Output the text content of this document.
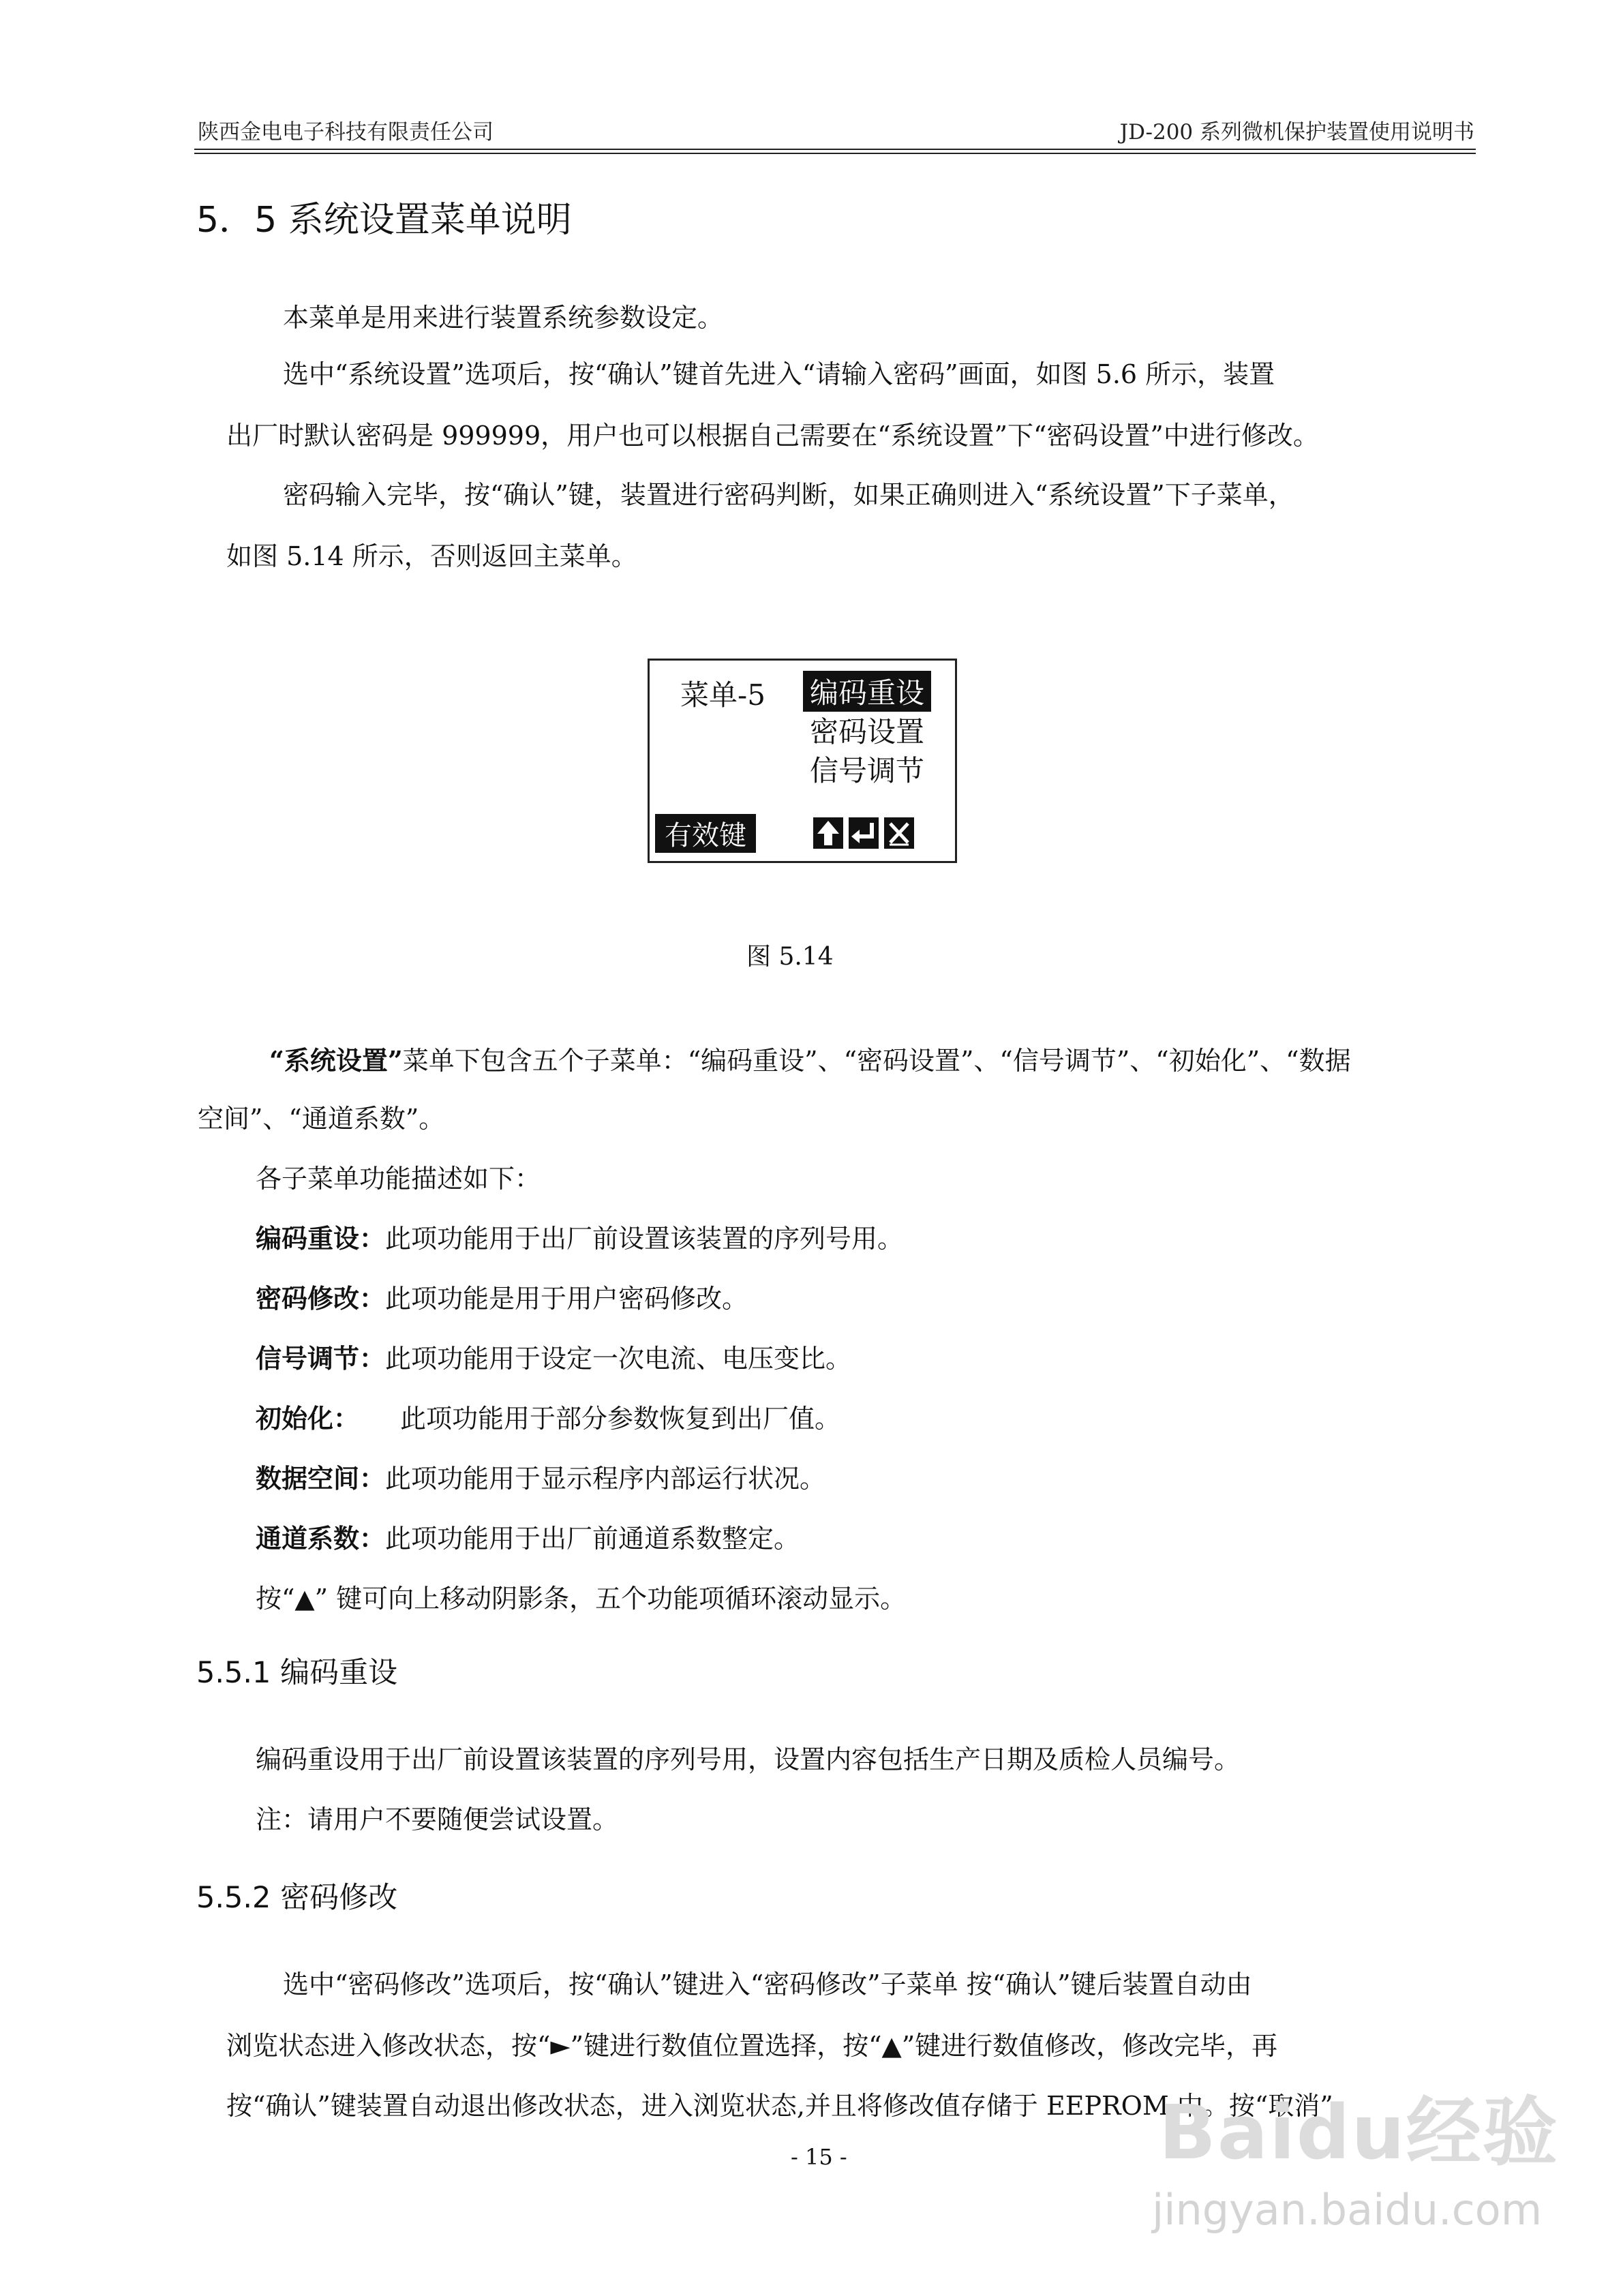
陕西金电电子科技有限责任公司	JD-200 系列微机保护装置使用说明书
5．5 系统设置菜单说明
本菜单是用来进行装置系统参数设定。
选中“系统设置”选项后，按“确认”键首先进入“请输入密码”画面，如图 5.6 所示，装置
出厂时默认密码是 999999，用户也可以根据自己需要在“系统设置”下“密码设置”中进行修改。
密码输入完毕，按“确认”键，装置进行密码判断，如果正确则进入“系统设置”下子菜单，
如图 5.14 所示，否则返回主菜单。
菜单-5 编码重设
密码设置
信号调节
有效键
图 5.14
“系统设置”菜单下包含五个子菜单：“编码重设”、“密码设置”、“信号调节”、“初始化”、“数据
空间”、“通道系数”。
各子菜单功能描述如下：
编码重设：此项功能用于出厂前设置该装置的序列号用。
密码修改：此项功能是用于用户密码修改。
信号调节：此项功能用于设定一次电流、电压变比。
初始化： 此项功能用于部分参数恢复到出厂值。
数据空间：此项功能用于显示程序内部运行状况。
通道系数：此项功能用于出厂前通道系数整定。
按“▲” 键可向上移动阴影条，五个功能项循环滚动显示。
5.5.1 编码重设
编码重设用于出厂前设置该装置的序列号用，设置内容包括生产日期及质检人员编号。
注：请用户不要随便尝试设置。
5.5.2 密码修改
选中“密码修改”选项后，按“确认”键进入“密码修改”子菜单 按“确认”键后装置自动由
浏览状态进入修改状态，按“►”键进行数值位置选择，按“▲”键进行数值修改，修改完毕，再
按“确认”键装置自动退出修改状态，进入浏览状态,并且将修改值存储于 EEPROM 中。按“取消”
- 15 -	Baidu经验
jingyan.baidu.com
